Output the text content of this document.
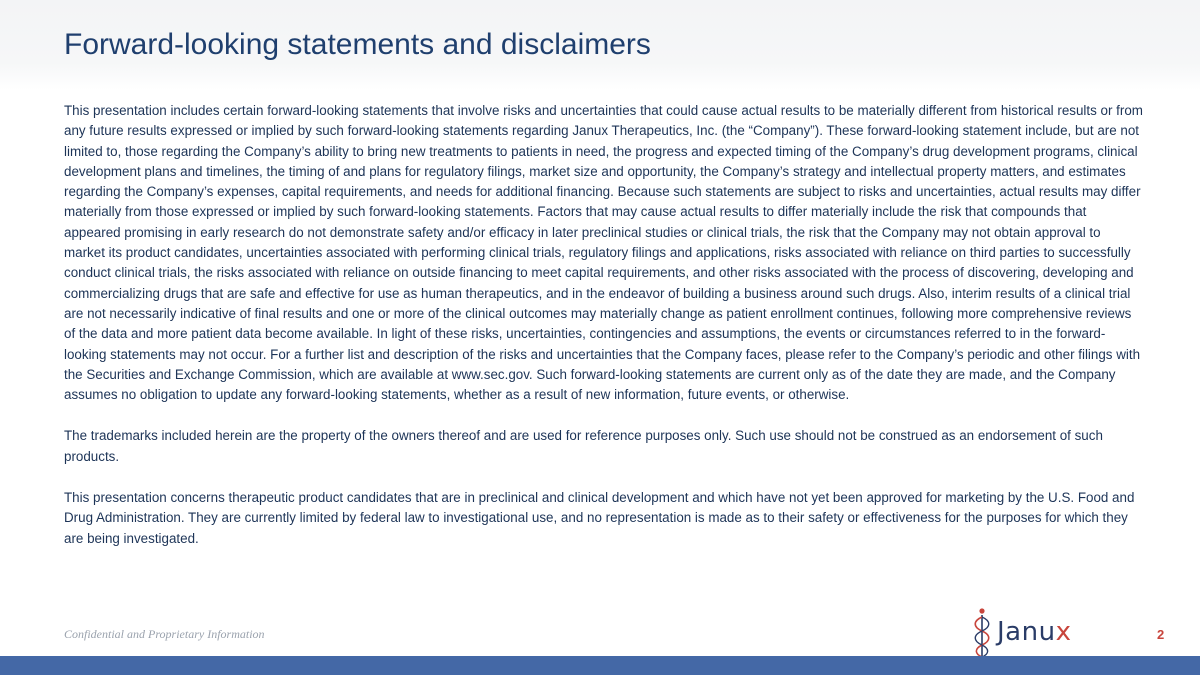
Forward-looking statements and disclaimers

This presentation includes certain forward-looking statements that involve risks and uncertainties that could cause actual results to be materially different from historical results or from any future results expressed or implied by such forward-looking statements regarding Janux Therapeutics, Inc. (the “Company”). These forward-looking statement include, but are not limited to, those regarding the Company’s ability to bring new treatments to patients in need, the progress and expected timing of the Company’s drug development programs, clinical development plans and timelines, the timing of and plans for regulatory filings, market size and opportunity, the Company’s strategy and intellectual property matters, and estimates regarding the Company’s expenses, capital requirements, and needs for additional financing. Because such statements are subject to risks and uncertainties, actual results may differ materially from those expressed or implied by such forward-looking statements. Factors that may cause actual results to differ materially include the risk that compounds that appeared promising in early research do not demonstrate safety and/or efficacy in later preclinical studies or clinical trials, the risk that the Company may not obtain approval to market its product candidates, uncertainties associated with performing clinical trials, regulatory filings and applications, risks associated with reliance on third parties to successfully conduct clinical trials, the risks associated with reliance on outside financing to meet capital requirements, and other risks associated with the process of discovering, developing and commercializing drugs that are safe and effective for use as human therapeutics, and in the endeavor of building a business around such drugs. Also, interim results of a clinical trial are not necessarily indicative of final results and one or more of the clinical outcomes may materially change as patient enrollment continues, following more comprehensive reviews of the data and more patient data become available. In light of these risks, uncertainties, contingencies and assumptions, the events or circumstances referred to in the forward-looking statements may not occur. For a further list and description of the risks and uncertainties that the Company faces, please refer to the Company’s periodic and other filings with the Securities and Exchange Commission, which are available at www.sec.gov. Such forward-looking statements are current only as of the date they are made, and the Company assumes no obligation to update any forward-looking statements, whether as a result of new information, future events, or otherwise.

The trademarks included herein are the property of the owners thereof and are used for reference purposes only. Such use should not be construed as an endorsement of such products.

This presentation concerns therapeutic product candidates that are in preclinical and clinical development and which have not yet been approved for marketing by the U.S. Food and Drug Administration. They are currently limited by federal law to investigational use, and no representation is made as to their safety or effectiveness for the purposes for which they are being investigated.

Confidential and Proprietary Information	Janux	2
